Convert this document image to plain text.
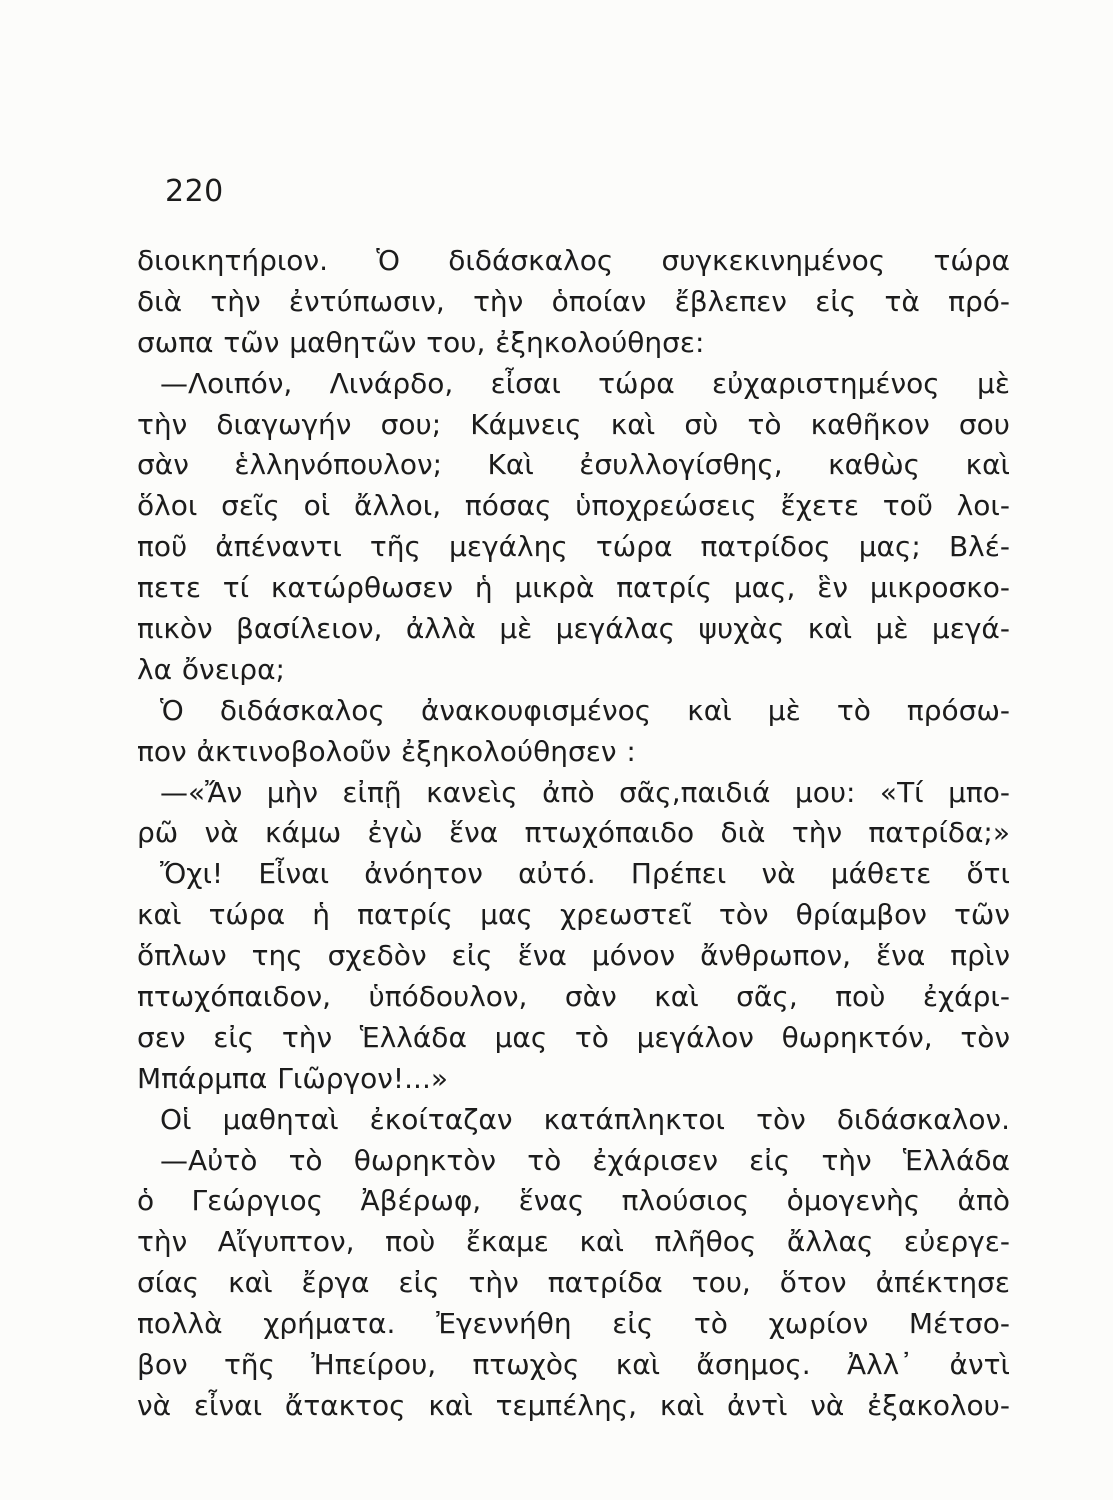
220
διοικητήριον. Ὁ διδάσκαλος συγκεκινημένος τώρα
διὰ τὴν ἐντύπωσιν, τὴν ὁποίαν ἔβλεπεν εἰς τὰ πρό-
σωπα τῶν μαθητῶν του, ἐξηκολούθησε:
—Λοιπόν, Λινάρδο, εἶσαι τώρα εὐχαριστημένος μὲ
τὴν διαγωγήν σου; Κάμνεις καὶ σὺ τὸ καθῆκον σου
σὰν ἑλληνόπουλον; Καὶ ἐσυλλογίσθης, καθὼς καὶ
ὅλοι σεῖς οἱ ἄλλοι, πόσας ὑποχρεώσεις ἔχετε τοῦ λοι-
ποῦ ἀπέναντι τῆς μεγάλης τώρα πατρίδος μας; Βλέ-
πετε τί κατώρθωσεν ἡ μικρὰ πατρίς μας, ἓν μικροσκο-
πικὸν βασίλειον, ἀλλὰ μὲ μεγάλας ψυχὰς καὶ μὲ μεγά-
λα ὄνειρα;
Ὁ διδάσκαλος ἀνακουφισμένος καὶ μὲ τὸ πρόσω-
πον ἀκτινοβολοῦν ἐξηκολούθησεν :
—«Ἄν μὴν εἰπῇ κανεὶς ἀπὸ σᾶς,παιδιά μου: «Τί μπο-
ρῶ νὰ κάμω ἐγὼ ἕνα πτωχόπαιδο διὰ τὴν πατρίδα;»
Ὄχι! Εἶναι ἀνόητον αὐτό. Πρέπει νὰ μάθετε ὅτι
καὶ τώρα ἡ πατρίς μας χρεωστεῖ τὸν θρίαμβον τῶν
ὅπλων της σχεδὸν εἰς ἕνα μόνον ἄνθρωπον, ἕνα πρὶν
πτωχόπαιδον, ὑπόδουλον, σὰν καὶ σᾶς, ποὺ ἐχάρι-
σεν εἰς τὴν Ἑλλάδα μας τὸ μεγάλον θωρηκτόν, τὸν
Μπάρμπα Γιῶργον!...»
Οἱ μαθηταὶ ἐκοίταζαν κατάπληκτοι τὸν διδάσκαλον.
—Αὐτὸ τὸ θωρηκτὸν τὸ ἐχάρισεν εἰς τὴν Ἑλλάδα
ὁ Γεώργιος Ἀβέρωφ, ἕνας πλούσιος ὁμογενὴς ἀπὸ
τὴν Αἴγυπτον, ποὺ ἔκαμε καὶ πλῆθος ἄλλας εὐεργε-
σίας καὶ ἔργα εἰς τὴν πατρίδα του, ὅτον ἀπέκτησε
πολλὰ χρήματα. Ἐγεννήθη εἰς τὸ χωρίον Μέτσο-
βον τῆς Ἠπείρου, πτωχὸς καὶ ἄσημος. Ἀλλ᾽ ἀντὶ
νὰ εἶναι ἄτακτος καὶ τεμπέλης, καὶ ἀντὶ νὰ ἐξακολου-
